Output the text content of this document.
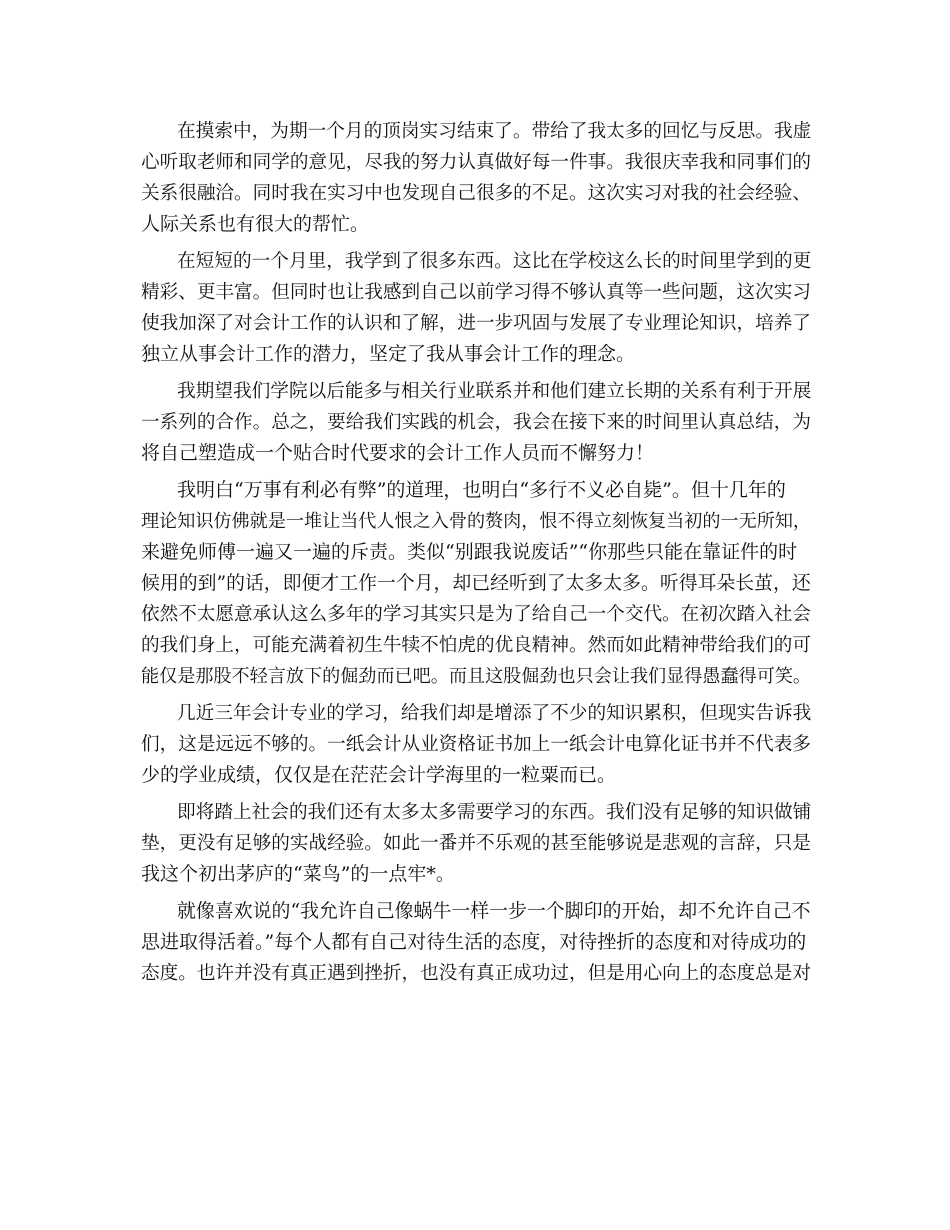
在摸索中，为期一个月的顶岗实习结束了。带给了我太多的回忆与反思。我虚
心听取老师和同学的意见，尽我的努力认真做好每一件事。我很庆幸我和同事们的
关系很融洽。同时我在实习中也发现自己很多的不足。这次实习对我的社会经验、
人际关系也有很大的帮忙。

在短短的一个月里，我学到了很多东西。这比在学校这么长的时间里学到的更
精彩、更丰富。但同时也让我感到自己以前学习得不够认真等一些问题，这次实习
使我加深了对会计工作的认识和了解，进一步巩固与发展了专业理论知识，培养了
独立从事会计工作的潜力，坚定了我从事会计工作的理念。

我期望我们学院以后能多与相关行业联系并和他们建立长期的关系有利于开展
一系列的合作。总之，要给我们实践的机会，我会在接下来的时间里认真总结，为
将自己塑造成一个贴合时代要求的会计工作人员而不懈努力！

我明白“万事有利必有弊”的道理，也明白“多行不义必自毙”。但十几年的
理论知识仿佛就是一堆让当代人恨之入骨的赘肉，恨不得立刻恢复当初的一无所知，
来避免师傅一遍又一遍的斥责。类似“别跟我说废话”“你那些只能在靠证件的时
候用的到”的话，即便才工作一个月，却已经听到了太多太多。听得耳朵长茧，还
依然不太愿意承认这么多年的学习其实只是为了给自己一个交代。在初次踏入社会
的我们身上，可能充满着初生牛犊不怕虎的优良精神。然而如此精神带给我们的可
能仅是那股不轻言放下的倔劲而已吧。而且这股倔劲也只会让我们显得愚蠢得可笑。

几近三年会计专业的学习，给我们却是增添了不少的知识累积，但现实告诉我
们，这是远远不够的。一纸会计从业资格证书加上一纸会计电算化证书并不代表多
少的学业成绩，仅仅是在茫茫会计学海里的一粒粟而已。

即将踏上社会的我们还有太多太多需要学习的东西。我们没有足够的知识做铺
垫，更没有足够的实战经验。如此一番并不乐观的甚至能够说是悲观的言辞，只是
我这个初出茅庐的“菜鸟”的一点牢*。

就像喜欢说的“我允许自己像蜗牛一样一步一个脚印的开始，却不允许自己不
思进取得活着。”每个人都有自己对待生活的态度，对待挫折的态度和对待成功的
态度。也许并没有真正遇到挫折，也没有真正成功过，但是用心向上的态度总是对
